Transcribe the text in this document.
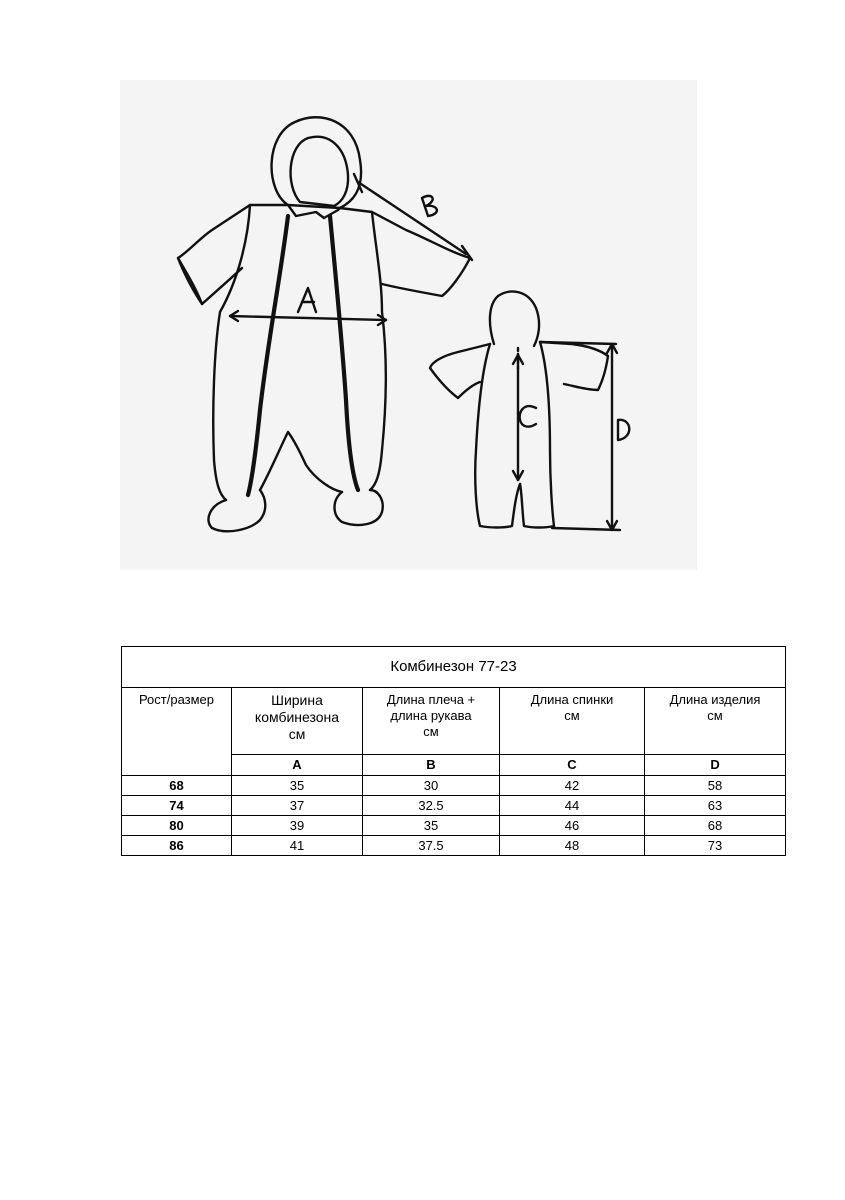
Комбинезон 77-23				
Рост/размер	Ширина
комбинезона
см	Длина плеча +
длина рукава
см	Длина спинки
см	Длина изделия
см

	A	B	C	D
68	35	30	42	58
74	37	32.5	44	63
80	39	35	46	68
86	41	37.5	48	73
